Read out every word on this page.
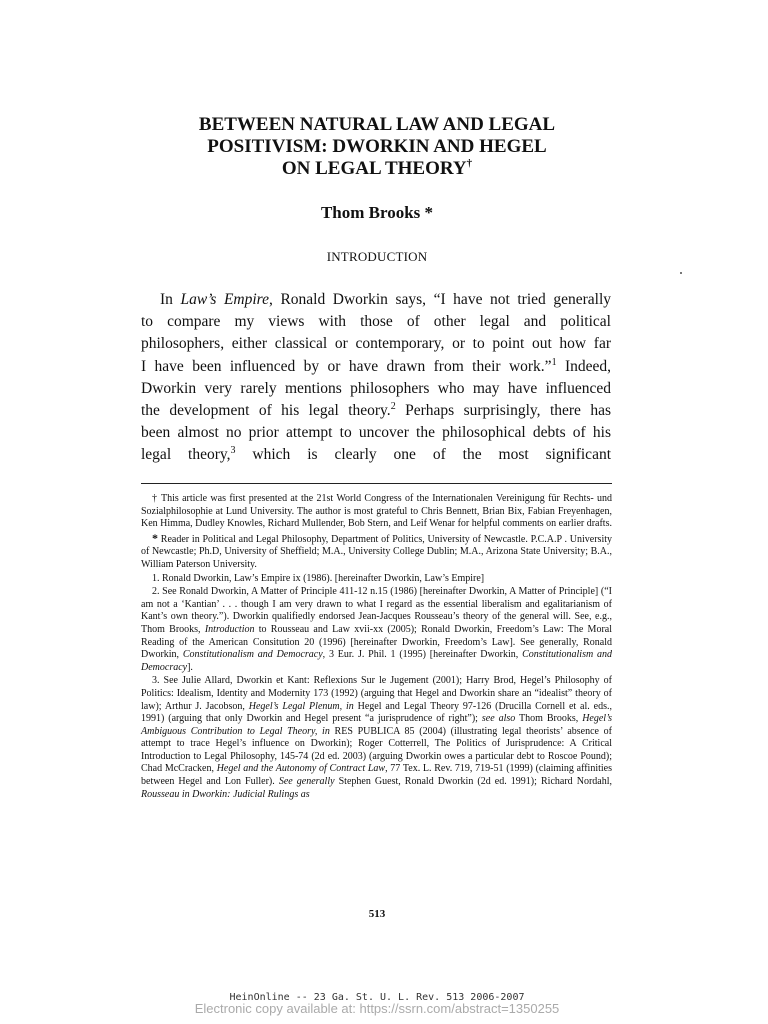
BETWEEN NATURAL LAW AND LEGAL
POSITIVISM: DWORKIN AND HEGEL
ON LEGAL THEORY†
Thom Brooks *
INTRODUCTION
In Law’s Empire, Ronald Dworkin says, “I have not tried generally
to compare my views with those of other legal and political
philosophers, either classical or contemporary, or to point out how far
I have been influenced by or have drawn from their work.”$^1$ Indeed,
Dworkin very rarely mentions philosophers who may have influenced
the development of his legal theory.$^2$ Perhaps surprisingly, there has
been almost no prior attempt to uncover the philosophical debts of his
legal theory,$^3$ which is clearly one of the most significant

† This article was first presented at the 21st World Congress of the Internationalen Vereinigung für Rechts- und Sozialphilosophie at Lund University. The author is most grateful to Chris Bennett, Brian Bix, Fabian Freyenhagen, Ken Himma, Dudley Knowles, Richard Mullender, Bob Stern, and Leif Wenar for helpful comments on earlier drafts.

* Reader in Political and Legal Philosophy, Department of Politics, University of Newcastle. P.C.A.P . University of Newcastle; Ph.D, University of Sheffield; M.A., University College Dublin; M.A., Arizona State University; B.A., William Paterson University.

1. Ronald Dworkin, Law’s Empire ix (1986). [hereinafter Dworkin, Law’s Empire]

2. See Ronald Dworkin, A Matter of Principle 411-12 n.15 (1986) [hereinafter Dworkin, A Matter of Principle] (“I am not a ‘Kantian’ . . . though I am very drawn to what I regard as the essential liberalism and egalitarianism of Kant’s own theory.”). Dworkin qualifiedly endorsed Jean-Jacques Rousseau’s theory of the general will. See, e.g., Thom Brooks, Introduction to Rousseau and Law xvii-xx (2005); Ronald Dworkin, Freedom’s Law: The Moral Reading of the American Consitution 20 (1996) [hereinafter Dworkin, Freedom’s Law]. See generally, Ronald Dworkin, Constitutionalism and Democracy, 3 Eur. J. Phil. 1 (1995) [hereinafter Dworkin, Constitutionalism and Democracy].

3. See Julie Allard, Dworkin et Kant: Reflexions Sur le Jugement (2001); Harry Brod, Hegel’s Philosophy of Politics: Idealism, Identity and Modernity 173 (1992) (arguing that Hegel and Dworkin share an “idealist” theory of law); Arthur J. Jacobson, Hegel’s Legal Plenum, in Hegel and Legal Theory 97-126 (Drucilla Cornell et al. eds., 1991) (arguing that only Dworkin and Hegel present “a jurisprudence of right”); see also Thom Brooks, Hegel’s Ambiguous Contribution to Legal Theory, in RES PUBLICA 85 (2004) (illustrating legal theorists’ absence of attempt to trace Hegel’s influence on Dworkin); Roger Cotterrell, The Politics of Jurisprudence: A Critical Introduction to Legal Philosophy, 145-74 (2d ed. 2003) (arguing Dworkin owes a particular debt to Roscoe Pound); Chad McCracken, Hegel and the Autonomy of Contract Law, 77 Tex. L. Rev. 719, 719-51 (1999) (claiming affinities between Hegel and Lon Fuller). See generally Stephen Guest, Ronald Dworkin (2d ed. 1991); Richard Nordahl, Rousseau in Dworkin: Judicial Rulings as

513
HeinOnline -- 23 Ga. St. U. L. Rev. 513 2006-2007
Electronic copy available at: https://ssrn.com/abstract=1350255
